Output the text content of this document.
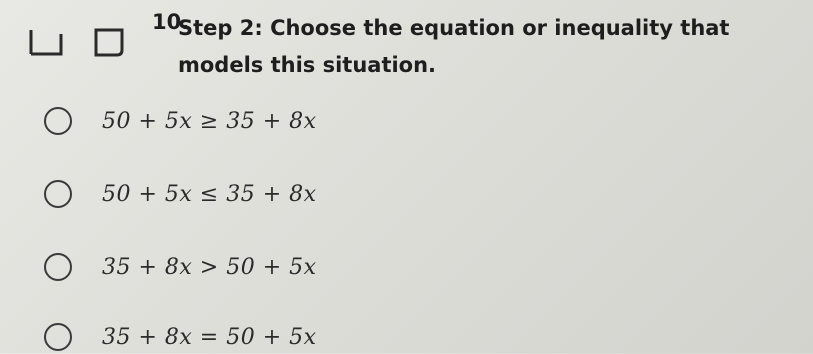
10.
Step 2: Choose the equation or inequality that models this situation.
50 + 5x ≥ 35 + 8x
50 + 5x ≤ 35 + 8x
35 + 8x > 50 + 5x
35 + 8x = 50 + 5x
